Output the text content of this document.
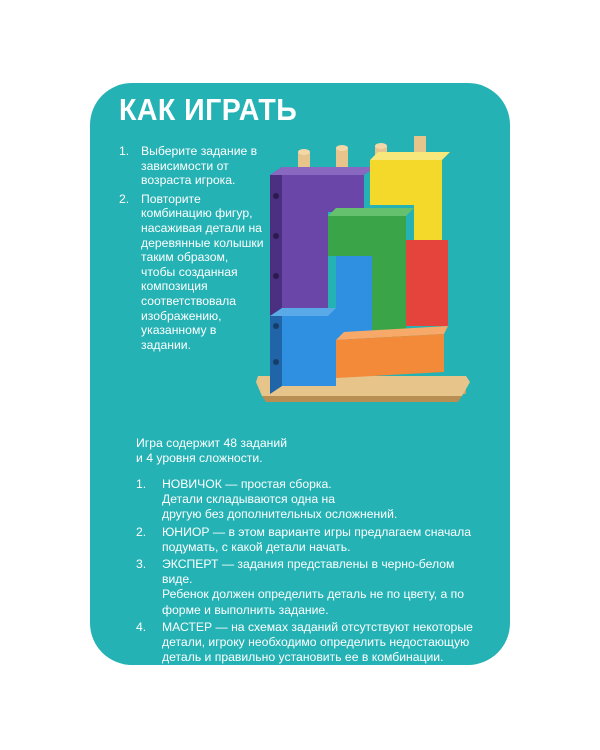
КАК ИГРАТЬ
1. Выберите задание в
зависимости от
возраста игрока.
2. Повторите
комбинацию фигур,
насаживая детали на
деревянные колышки
таким образом,
чтобы созданная
композиция
соответствовала
изображению,
указанному в
задании.

Игра содержит 48 заданий
и 4 уровня сложности.

1. НОВИЧОК — простая сборка.
Детали складываются одна на
другую без дополнительных осложнений.
2. ЮНИОР — в этом варианте игры предлагаем сначала
подумать, с какой детали начать.
3. ЭКСПЕРТ — задания представлены в черно-белом виде.
Ребенок должен определить деталь не по цвету, а по
форме и выполнить задание.
4. МАСТЕР — на схемах заданий отсутствуют некоторые
детали, игроку необходимо определить недостающую
деталь и правильно установить ее в комбинации.
